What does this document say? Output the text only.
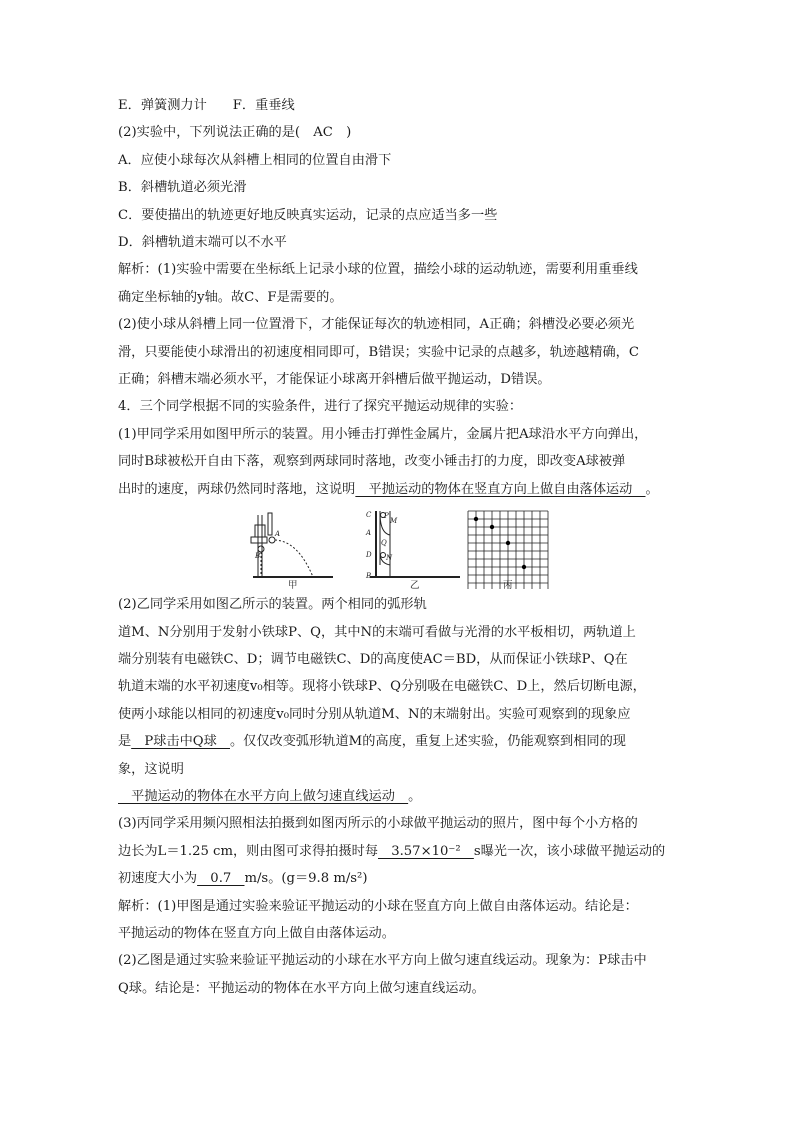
E．弹簧测力计 F．重垂线
(2)实验中，下列说法正确的是(　AC　)
A．应使小球每次从斜槽上相同的位置自由滑下
B．斜槽轨道必须光滑
C．要使描出的轨迹更好地反映真实运动，记录的点应适当多一些
D．斜槽轨道末端可以不水平
解析：(1)实验中需要在坐标纸上记录小球的位置，描绘小球的运动轨迹，需要利用重垂线
确定坐标轴的y轴。故C、F是需要的。
(2)使小球从斜槽上同一位置滑下，才能保证每次的轨迹相同，A正确；斜槽没必要必须光
滑，只要能使小球滑出的初速度相同即可，B错误；实验中记录的点越多，轨迹越精确，C
正确；斜槽末端必须水平，才能保证小球离开斜槽后做平抛运动，D错误。
4．三个同学根据不同的实验条件，进行了探究平抛运动规律的实验：
(1)甲同学采用如图甲所示的装置。用小锤击打弹性金属片，金属片把A球沿水平方向弹出，
同时B球被松开自由下落，观察到两球同时落地，改变小锤击打的力度，即改变A球被弹
出时的速度，两球仍然同时落地，这说明　平抛运动的物体在竖直方向上做自由落体运动　。
A
B
甲
C
A
D
B
P
M
Q
N
乙	丙
(2)乙同学采用如图乙所示的装置。两个相同的弧形轨
道M、N分别用于发射小铁球P、Q，其中N的末端可看做与光滑的水平板相切，两轨道上
端分别装有电磁铁C、D；调节电磁铁C、D的高度使AC＝BD，从而保证小铁球P、Q在
轨道末端的水平初速度v₀相等。现将小铁球P、Q分别吸在电磁铁C、D上，然后切断电源，
使两小球能以相同的初速度v₀同时分别从轨道M、N的末端射出。实验可观察到的现象应
是　P球击中Q球　。仅仅改变弧形轨道M的高度，重复上述实验，仍能观察到相同的现
象，这说明
　平抛运动的物体在水平方向上做匀速直线运动　。
(3)丙同学采用频闪照相法拍摄到如图丙所示的小球做平抛运动的照片，图中每个小方格的
边长为L＝1.25 cm，则由图可求得拍摄时每　3.57×10⁻²　s曝光一次，该小球做平抛运动的
初速度大小为　0.7　m/s。(g＝9.8 m/s²)
解析：(1)甲图是通过实验来验证平抛运动的小球在竖直方向上做自由落体运动。结论是：
平抛运动的物体在竖直方向上做自由落体运动。
(2)乙图是通过实验来验证平抛运动的小球在水平方向上做匀速直线运动。现象为：P球击中
Q球。结论是：平抛运动的物体在水平方向上做匀速直线运动。
